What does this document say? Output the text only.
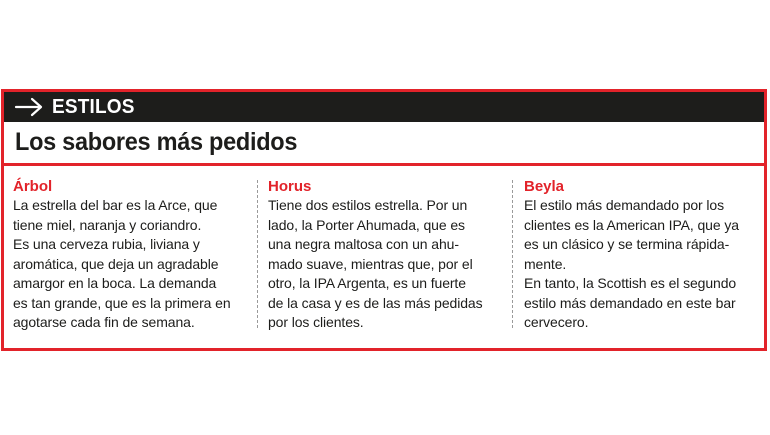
ESTILOS
Los sabores más pedidos

Árbol

La estrella del bar es la Arce, que
tiene miel, naranja y coriandro.
Es una cerveza rubia, liviana y
aromática, que deja un agradable
amargor en la boca. La demanda
es tan grande, que es la primera en
agotarse cada fin de semana.

Horus

Tiene dos estilos estrella. Por un
lado, la Porter Ahumada, que es
una negra maltosa con un ahu-
mado suave, mientras que, por el
otro, la IPA Argenta, es un fuerte
de la casa y es de las más pedidas
por los clientes.

Beyla

El estilo más demandado por los
clientes es la American IPA, que ya
es un clásico y se termina rápida-
mente.
En tanto, la Scottish es el segundo
estilo más demandado en este bar
cervecero.
